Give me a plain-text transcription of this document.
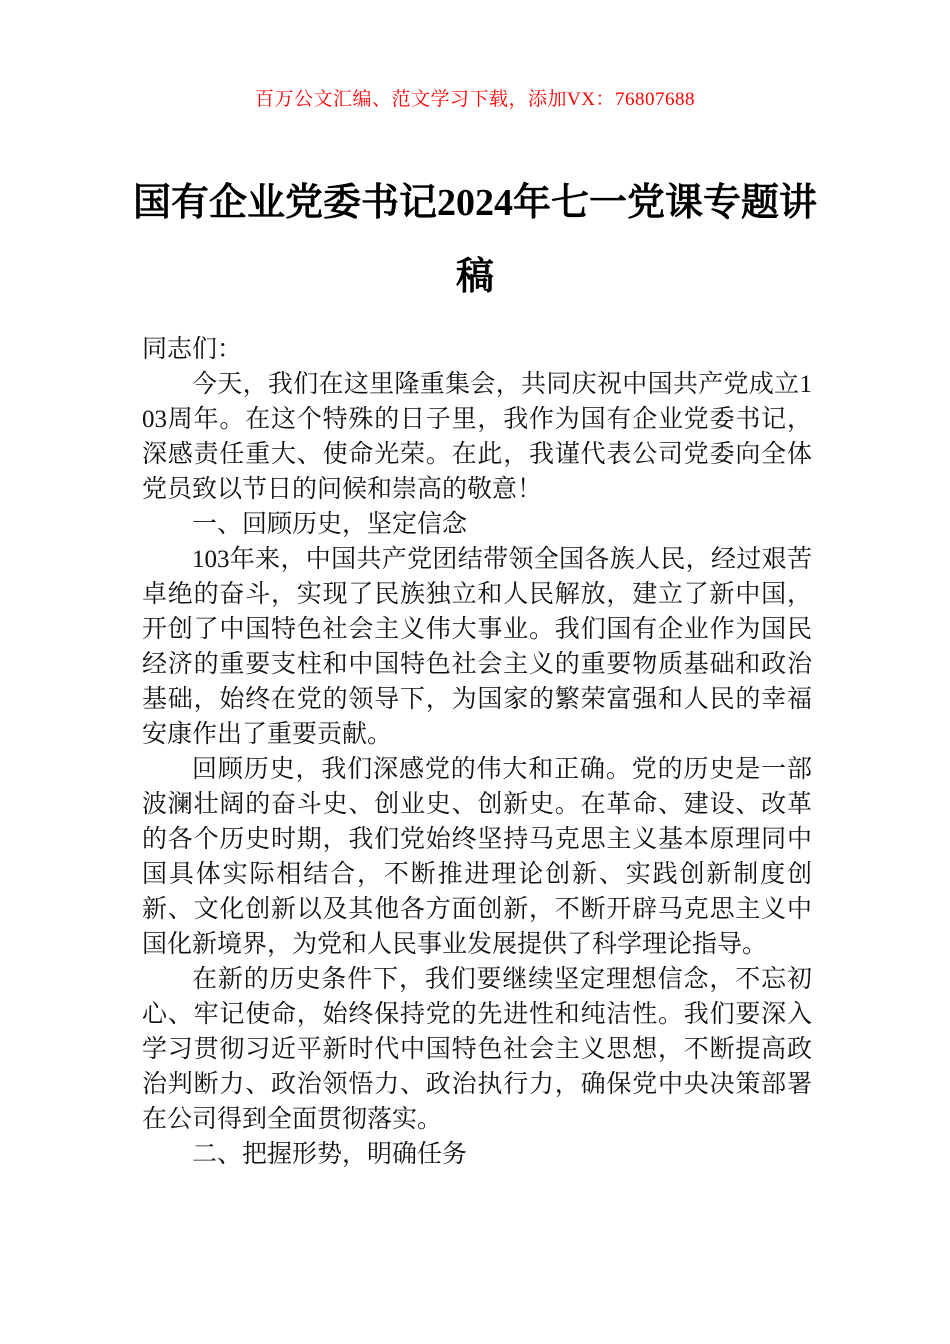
百万公文汇编、范文学习下载，添加VX：76807688
国有企业党委书记2024年七一党课专题讲
稿

同志们：

今天，我们在这里隆重集会，共同庆祝中国共产党成立103周年。在这个特殊的日子里，我作为国有企业党委书记，深感责任重大、使命光荣。在此，我谨代表公司党委向全体党员致以节日的问候和崇高的敬意！

一、回顾历史，坚定信念

103年来，中国共产党团结带领全国各族人民，经过艰苦卓绝的奋斗，实现了民族独立和人民解放，建立了新中国，开创了中国特色社会主义伟大事业。我们国有企业作为国民经济的重要支柱和中国特色社会主义的重要物质基础和政治基础，始终在党的领导下，为国家的繁荣富强和人民的幸福安康作出了重要贡献。

回顾历史，我们深感党的伟大和正确。党的历史是一部波澜壮阔的奋斗史、创业史、创新史。在革命、建设、改革的各个历史时期，我们党始终坚持马克思主义基本原理同中国具体实际相结合，不断推进理论创新、实践创新制度创新、文化创新以及其他各方面创新，不断开辟马克思主义中国化新境界，为党和人民事业发展提供了科学理论指导。

在新的历史条件下，我们要继续坚定理想信念，不忘初心、牢记使命，始终保持党的先进性和纯洁性。我们要深入学习贯彻习近平新时代中国特色社会主义思想，不断提高政治判断力、政治领悟力、政治执行力，确保党中央决策部署在公司得到全面贯彻落实。

二、把握形势，明确任务
